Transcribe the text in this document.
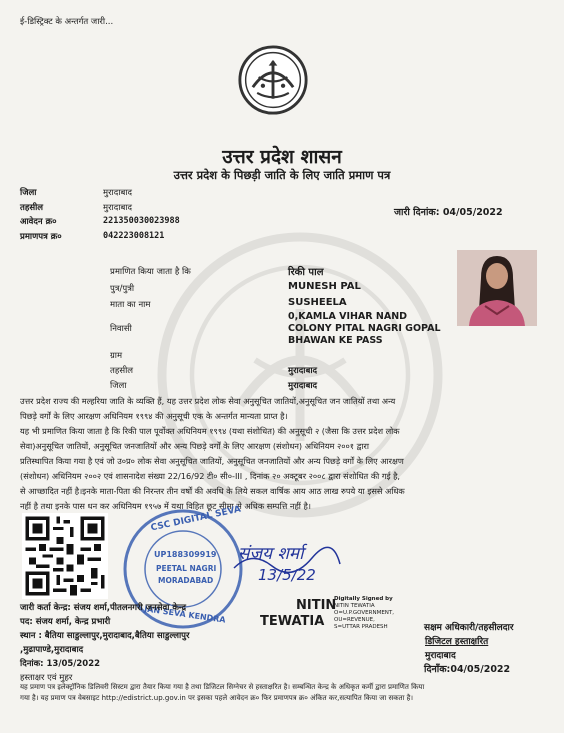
ई-डिस्ट्रिक्ट के अन्तर्गत जारी...
उत्तर प्रदेश शासन
उत्तर प्रदेश के पिछड़ी जाति के लिए जाति प्रमाण पत्र
जिला	मुरादाबाद
तहसील	मुरादाबाद
आवेदन क्र०	221350030023988
प्रमाणपत्र क्र०	042223008121
जारी दिनांक: 04/05/2022
प्रमाणित किया जाता है कि	रिकी पाल
पुत्र/पुत्री	MUNESH PAL
माता का नाम	SUSHEELA
निवासी
0,KAMLA VIHAR NAND
COLONY PITAL NAGRI GOPAL
BHAWAN KE PASS
ग्राम
तहसील	मुरादाबाद
जिला	मुरादाबाद
उत्तर प्रदेश राज्य की मल्हरिया जाति के व्यक्ति हैं, यह उत्तर प्रदेश लोक सेवा अनुसूचित जातियों,अनुसूचित जन जातियों तथा अन्य
पिछड़े वर्गों के लिए आरक्षण अधिनियम १९९४ की अनुसूची एक के अन्तर्गत मान्यता प्राप्त है।
यह भी प्रमाणित किया जाता है कि रिकी पाल पूर्वोक्त अधिनियम १९९४ (यथा संशोधित) की अनुसूची २ (जैसा कि उत्तर प्रदेश लोक
सेवा)अनुसूचित जातियों, अनुसूचित जनजातियों और अन्य पिछड़े वर्गों के लिए आरक्षण (संशोधन) अधिनियम २००१ द्वारा
प्रतिस्थापित किया गया है एवं जो उ०प्र० लोक सेवा अनुसूचित जातियों, अनुसूचित जनजातियों और अन्य पिछड़े वर्गों के लिए आरक्षण
(संशोधन) अधिनियम २००२ एवं शासनादेश संख्या 22/16/92 टी० सी०-III , दिनांक २० अक्टूबर २००८ द्वारा संशोधित की गई है,
से आच्छादित नहीं है।इनके माता-पिता की निरन्तर तीन वर्षों की अवधि के लिये सकल वार्षिक आय आठ लाख रुपये या इससे अधिक
नहीं है तथा इनके पास धन कर अधिनियम १९५७ में यथा विहित छूट सीमा से अधिक सम्पत्ति नहीं है।
CSC DIGITAL SEVA
UP188309919
PEETAL NAGRI
MORADABAD
JAN SEVA KENDRA
संजय शर्मा
13/5/22
NITIN
TEWATIA
Digitally Signed by
NITIN TEWATIA
O=U.P.GOVERNMENT,
OU=REVENUE,
S=UTTAR PRADESH
जारी कर्ता केन्द्र: संजय शर्मा,पीतलनगरी जनसेवा केन्द्र
पद: संजय शर्मा, केन्द्र प्रभारी
स्थान : बैतिया साडुल्लापुर,मुरादाबाद,बैतिया साडुल्लापुर
,मुढापाण्डे,मुरादाबाद
दिनांक: 13/05/2022
हस्ताक्षर एवं मुहर
सक्षम अधिकारी/तहसीलदार
डिजिटल हस्ताक्षरित
मुरादाबाद
दिनाँक:04/05/2022
यह प्रमाण पत्र इलेक्ट्रॉनिक डिलिवरी सिस्टम द्वारा तैयार किया गया है तथा डिजिटल सिग्नेचर से हस्ताक्षरित है। सम्बन्धित केन्द्र के अधिकृत कर्मी द्वारा प्रमाणित किया
गया है। यह प्रमाण पत्र वेबसाइट http://edistrict.up.gov.in पर इसका पहले आवेदन क्र० फिर प्रमाणपत्र क्र० अंकित कर,सत्यापित किया जा सकता है।
